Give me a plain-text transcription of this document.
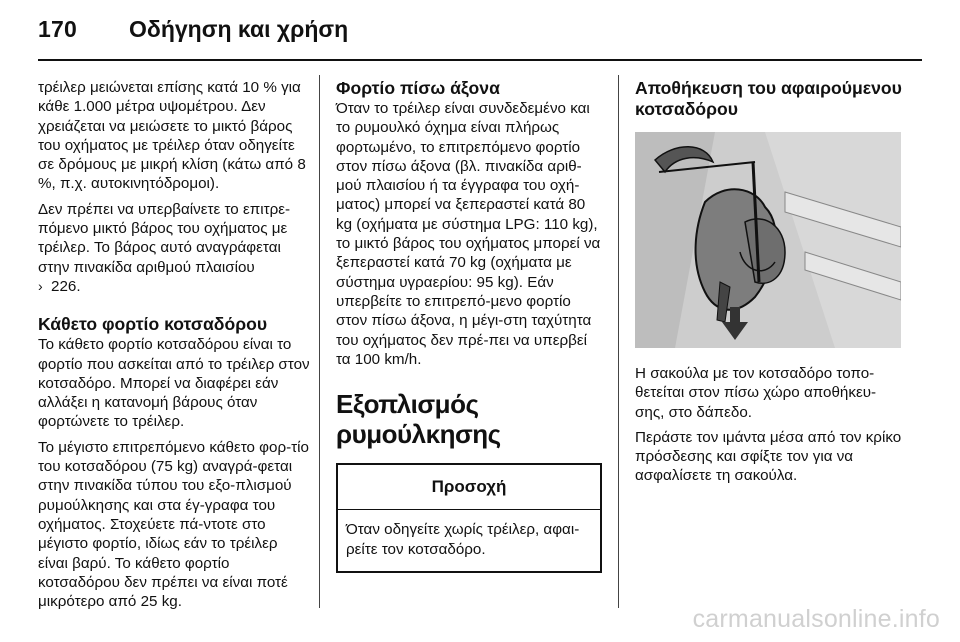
170 Οδήγηση και χρήση

τρέιλερ μειώνεται επίσης κατά 10 % για κάθε 1.000 μέτρα υψομέτρου. Δεν χρειάζεται να μειώσετε το μικτό βάρος του οχήματος με τρέιλερ όταν οδηγείτε σε δρόμους με μικρή κλίση (κάτω από 8 %, π.χ. αυτοκινητόδρομοι).

Δεν πρέπει να υπερβαίνετε το επιτρε-πόμενο μικτό βάρος του οχήματος με τρέιλερ. Το βάρος αυτό αναγράφεται στην πινακίδα αριθμού πλαισίου
› 226.

Κάθετο φορτίο κοτσαδόρου

Το κάθετο φορτίο κοτσαδόρου είναι το φορτίο που ασκείται από το τρέιλερ στον κοτσαδόρο. Μπορεί να διαφέρει εάν αλλάξει η κατανομή βάρους όταν φορτώνετε το τρέιλερ.

Το μέγιστο επιτρεπόμενο κάθετο φορ-τίο του κοτσαδόρου (75 kg) αναγρά-φεται στην πινακίδα τύπου του εξο-πλισμού ρυμούλκησης και στα έγ-γραφα του οχήματος. Στοχεύετε πά-ντοτε στο μέγιστο φορτίο, ιδίως εάν το τρέιλερ είναι βαρύ. Το κάθετο φορτίο κοτσαδόρου δεν πρέπει να είναι ποτέ μικρότερο από 25 kg.

Φορτίο πίσω άξονα

Όταν το τρέιλερ είναι συνδεδεμένο και το ρυμουλκό όχημα είναι πλήρως φορτωμένο, το επιτρεπόμενο φορτίο στον πίσω άξονα (βλ. πινακίδα αριθ-μού πλαισίου ή τα έγγραφα του οχή-ματος) μπορεί να ξεπεραστεί κατά 80 kg (οχήματα με σύστημα LPG: 110 kg), το μικτό βάρος του οχήματος μπορεί να ξεπεραστεί κατά 70 kg (οχήματα με σύστημα υγραερίου: 95 kg). Εάν υπερβείτε το επιτρεπό-μενο φορτίο στον πίσω άξονα, η μέγι-στη ταχύτητα του οχήματος δεν πρέ-πει να υπερβεί τα 100 km/h.

Εξοπλισμός ρυμούλκησης
Προσοχή
Όταν οδηγείτε χωρίς τρέιλερ, αφαι-ρείτε τον κοτσαδόρο.
Αποθήκευση του αφαιρούμενου κοτσαδόρου

Η σακούλα με τον κοτσαδόρο τοπο-θετείται στον πίσω χώρο αποθήκευ-σης, στο δάπεδο.

Περάστε τον ιμάντα μέσα από τον κρίκο πρόσδεσης και σφίξτε τον για να ασφαλίσετε τη σακούλα.

carmanualsonline.info
